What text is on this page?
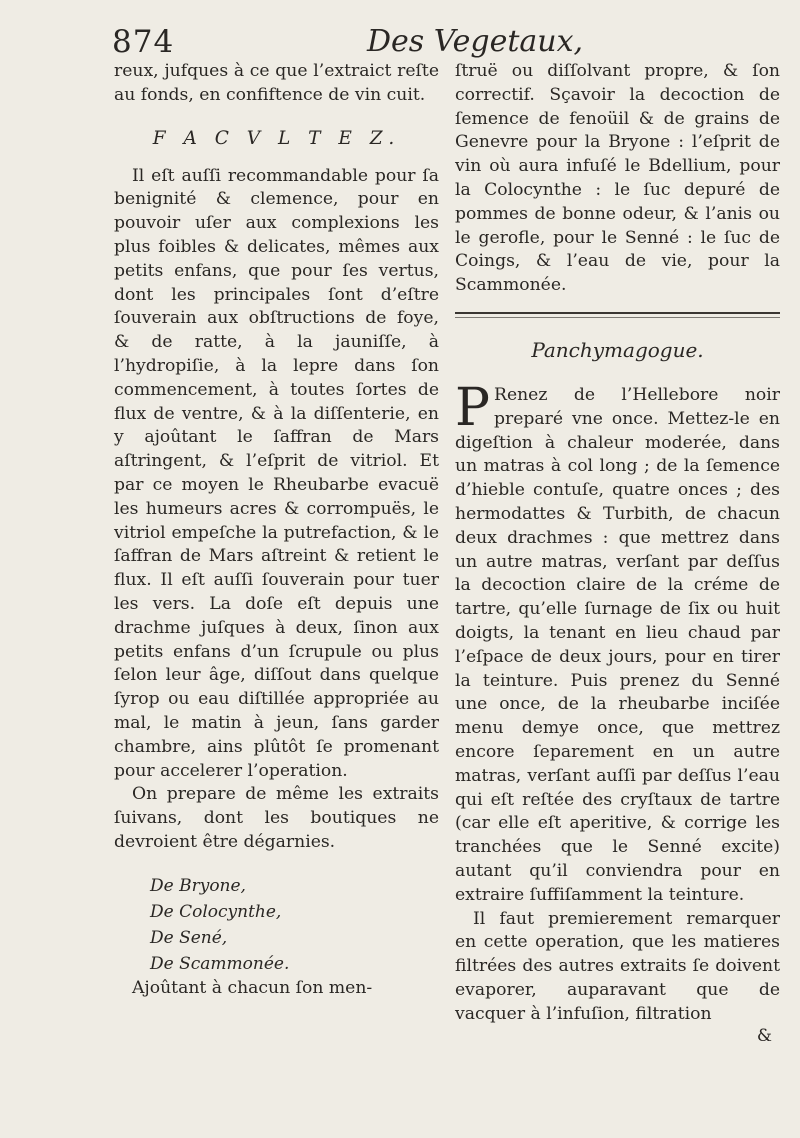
874	Des Vegetaux,

reux, jufques à ce que l’extraict reſte au fonds, en confiftence de vin cuit.

F A C V L T E Z.

Il eſt auſſi recommandable pour ſa benignité & clemence, pour en pouvoir uſer aux complexions les plus foibles & delicates, mêmes aux petits enfans, que pour ſes vertus, dont les principales ſont d’eſtre ſouverain aux obſtructions de foye, & de ratte, à la jauniſſe, à l’hydropiſie, à la lepre dans ſon commencement, à toutes ſortes de flux de ventre, & à la diſſenterie, en y ajoûtant le ſaffran de Mars aſtringent, & l’eſprit de vitriol. Et par ce moyen le Rheubarbe evacuë les humeurs acres & corrompuës, le vitriol empeſche la putrefaction, & le ſaffran de Mars aſtreint & retient le flux. Il eſt auſſi ſouverain pour tuer les vers. La doſe eſt depuis une drachme juſques à deux, ſinon aux petits enfans d’un ſcrupule ou plus ſelon leur âge, diſſout dans quelque ſyrop ou eau diſtillée appropriée au mal, le matin à jeun, ſans garder chambre, ains plûtôt ſe promenant pour accelerer l’operation.

On prepare de même les extraits ſuivans, dont les boutiques ne devroient être dégarnies.

De Bryone,
De Colocynthe,
De Sené,
De Scammonée.

Ajoûtant à chacun ſon men-

ſtruë ou diſſolvant propre, & ſon correctif. Sçavoir la decoction de ſemence de fenoüil & de grains de Genevre pour la Bryone : l’eſprit de vin où aura infuſé le Bdellium, pour la Colocynthe : le ſuc depuré de pommes de bonne odeur, & l’anis ou le gerofle, pour le Senné : le ſuc de Coings, & l’eau de vie, pour la Scammonée.

Panchymagogue.

P Renez de l’Hellebore noir preparé vne once. Mettez-le en digeſtion à chaleur moderée, dans un matras à col long ; de la ſemence d’hieble contuſe, quatre onces ; des hermodattes & Turbith, de chacun deux drachmes : que mettrez dans un autre matras, verſant par deſſus la decoction claire de la créme de tartre, qu’elle ſurnage de ſix ou huit doigts, la tenant en lieu chaud par l’eſpace de deux jours, pour en tirer la teinture. Puis prenez du Senné une once, de la rheubarbe inciſée menu demye once, que mettrez encore ſeparement en un autre matras, verſant auſſi par deſſus l’eau qui eſt reſtée des cryſtaux de tartre (car elle eſt aperitive, & corrige les tranchées que le Senné excite) autant qu’il conviendra pour en extraire ſuffiſamment la teinture.

Il faut premierement remarquer en cette operation, que les matieres filtrées des autres extraits ſe doivent evaporer, auparavant que de vacquer à l’infuſion, filtration

&
